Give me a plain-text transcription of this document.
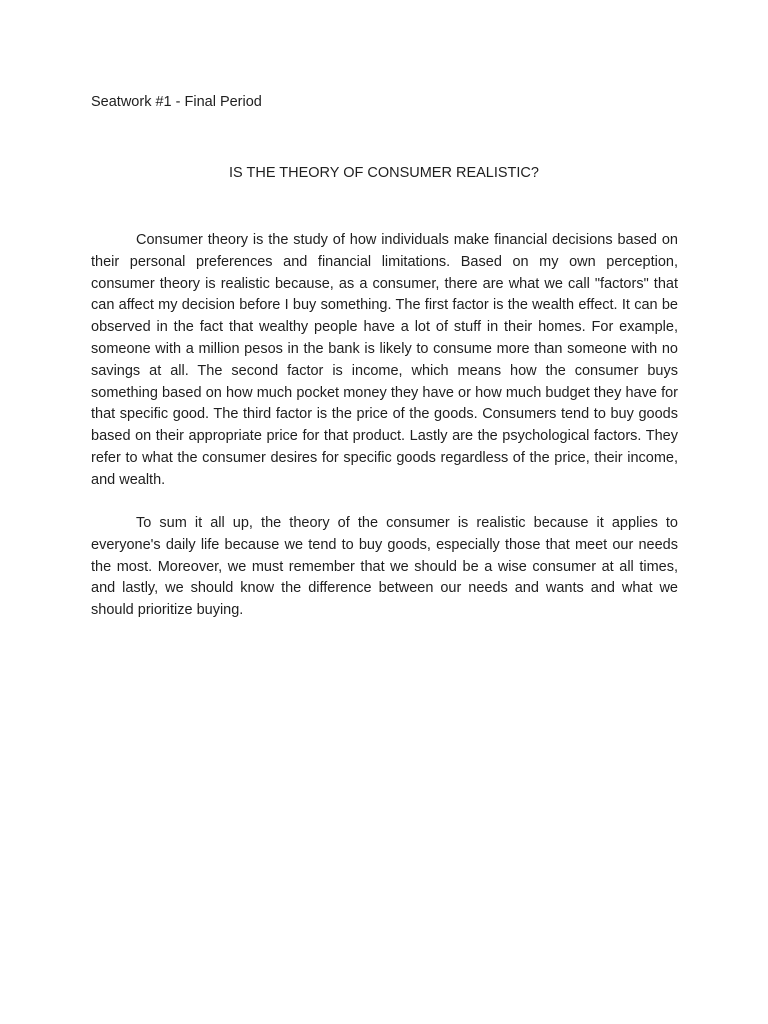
Seatwork #1 - Final Period
IS THE THEORY OF CONSUMER REALISTIC?

Consumer theory is the study of how individuals make financial decisions based on their personal preferences and financial limitations. Based on my own perception, consumer theory is realistic because, as a consumer, there are what we call "factors" that can affect my decision before I buy something. The first factor is the wealth effect. It can be observed in the fact that wealthy people have a lot of stuff in their homes. For example, someone with a million pesos in the bank is likely to consume more than someone with no savings at all. The second factor is income, which means how the consumer buys something based on how much pocket money they have or how much budget they have for that specific good. The third factor is the price of the goods. Consumers tend to buy goods based on their appropriate price for that product. Lastly are the psychological factors. They refer to what the consumer desires for specific goods regardless of the price, their income, and wealth.

To sum it all up, the theory of the consumer is realistic because it applies to everyone's daily life because we tend to buy goods, especially those that meet our needs the most. Moreover, we must remember that we should be a wise consumer at all times, and lastly, we should know the difference between our needs and wants and what we should prioritize buying.
